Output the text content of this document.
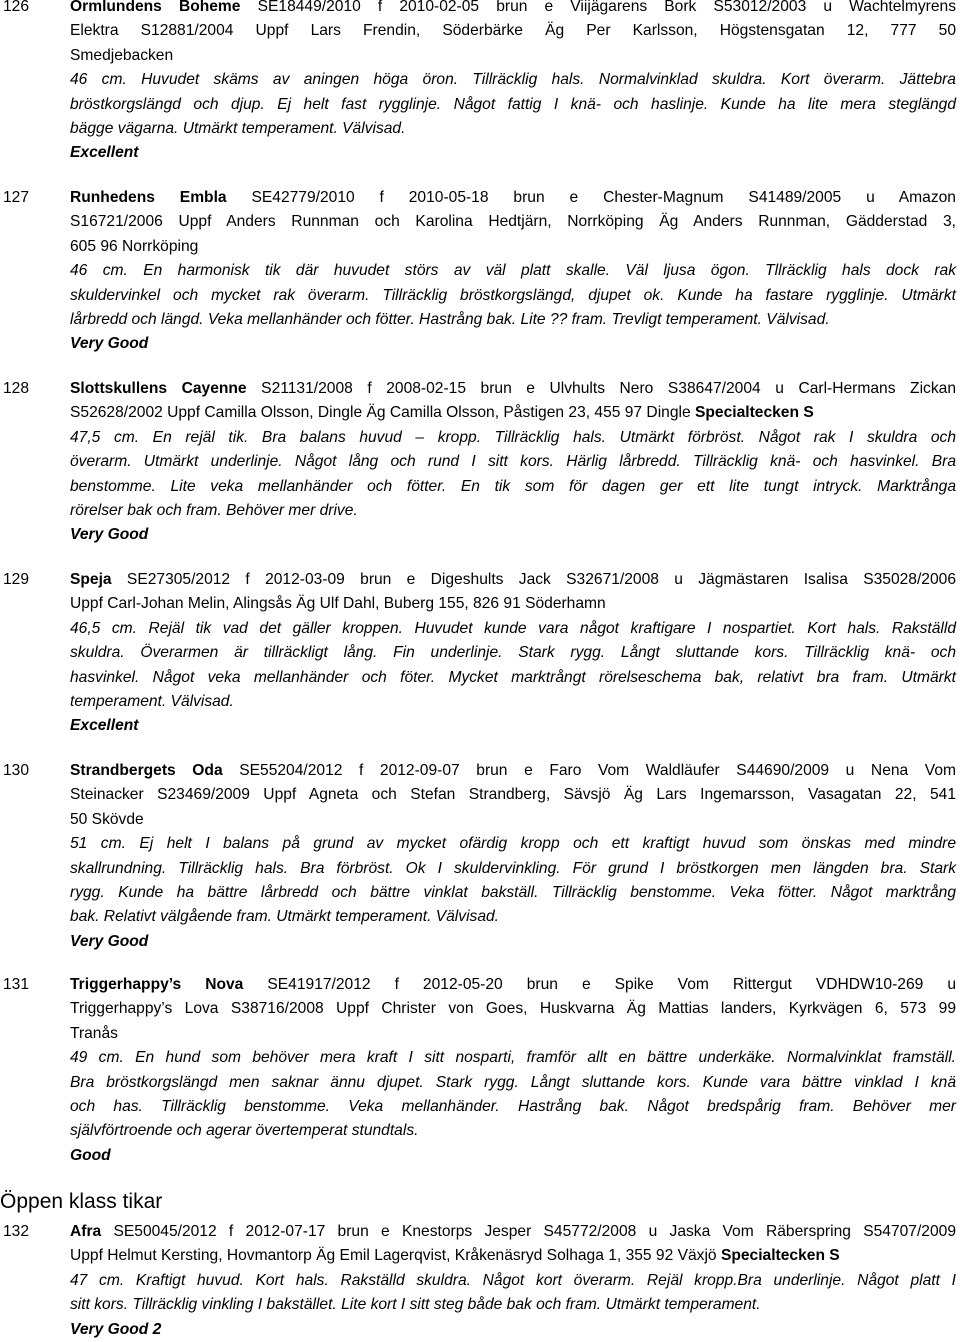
126	Ormlundens Boheme SE18449/2010 f 2010-02-05 brun e Viijägarens Bork S53012/2003 u Wachtelmyrens
Elektra S12881/2004 Uppf Lars Frendin, Söderbärke Äg Per Karlsson, Högstensgatan 12, 777 50
Smedjebacken
46 cm. Huvudet skäms av aningen höga öron. Tillräcklig hals. Normalvinklad skuldra. Kort överarm. Jättebra
bröstkorgslängd och djup. Ej helt fast rygglinje. Något fattig I knä- och haslinje. Kunde ha lite mera steglängd
bägge vägarna. Utmärkt temperament. Välvisad.
Excellent
127	Runhedens Embla SE42779/2010 f 2010-05-18 brun e Chester-Magnum S41489/2005 u Amazon
S16721/2006 Uppf Anders Runnman och Karolina Hedtjärn, Norrköping Äg Anders Runnman, Gädderstad 3,
605 96 Norrköping
46 cm. En harmonisk tik där huvudet störs av väl platt skalle. Väl ljusa ögon. Tllräcklig hals dock rak
skuldervinkel och mycket rak överarm. Tillräcklig bröstkorgslängd, djupet ok. Kunde ha fastare rygglinje. Utmärkt
lårbredd och längd. Veka mellanhänder och fötter. Hastrång bak. Lite ?? fram. Trevligt temperament. Välvisad.
Very Good
128	Slottskullens Cayenne S21131/2008 f 2008-02-15 brun e Ulvhults Nero S38647/2004 u Carl-Hermans Zickan
S52628/2002 Uppf Camilla Olsson, Dingle Äg Camilla Olsson, Påstigen 23, 455 97 Dingle Specialtecken S
47,5 cm. En rejäl tik. Bra balans huvud – kropp. Tillräcklig hals. Utmärkt förbröst. Något rak I skuldra och
överarm. Utmärkt underlinje. Något lång och rund I sitt kors. Härlig lårbredd. Tillräcklig knä- och hasvinkel. Bra
benstomme. Lite veka mellanhänder och fötter. En tik som för dagen ger ett lite tungt intryck. Marktrånga
rörelser bak och fram. Behöver mer drive.
Very Good
129	Speja SE27305/2012 f 2012-03-09 brun e Digeshults Jack S32671/2008 u Jägmästaren Isalisa S35028/2006
Uppf Carl-Johan Melin, Alingsås Äg Ulf Dahl, Buberg 155, 826 91 Söderhamn
46,5 cm. Rejäl tik vad det gäller kroppen. Huvudet kunde vara något kraftigare I nospartiet. Kort hals. Rakställd
skuldra. Överarmen är tillräckligt lång. Fin underlinje. Stark rygg. Långt sluttande kors. Tillräcklig knä- och
hasvinkel. Något veka mellanhänder och föter. Mycket marktrångt rörelseschema bak, relativt bra fram. Utmärkt
temperament. Välvisad.
Excellent
130	Strandbergets Oda SE55204/2012 f 2012-09-07 brun e Faro Vom Waldläufer S44690/2009 u Nena Vom
Steinacker S23469/2009 Uppf Agneta och Stefan Strandberg, Sävsjö Äg Lars Ingemarsson, Vasagatan 22, 541
50 Skövde
51 cm. Ej helt I balans på grund av mycket ofärdig kropp och ett kraftigt huvud som önskas med mindre
skallrundning. Tillräcklig hals. Bra förbröst. Ok I skuldervinkling. För grund I bröstkorgen men längden bra. Stark
rygg. Kunde ha bättre lårbredd och bättre vinklat bakställ. Tillräcklig benstomme. Veka fötter. Något marktrång
bak. Relativt välgående fram. Utmärkt temperament. Välvisad.
Very Good
131	Triggerhappy’s Nova SE41917/2012 f 2012-05-20 brun e Spike Vom Rittergut VDHDW10-269 u
Triggerhappy’s Lova S38716/2008 Uppf Christer von Goes, Huskvarna Äg Mattias landers, Kyrkvägen 6, 573 99
Tranås
49 cm. En hund som behöver mera kraft I sitt nosparti, framför allt en bättre underkäke. Normalvinklat framställ.
Bra bröstkorgslängd men saknar ännu djupet. Stark rygg. Långt sluttande kors. Kunde vara bättre vinklad I knä
och has. Tillräcklig benstomme. Veka mellanhänder. Hastrång bak. Något bredspårig fram. Behöver mer
självförtroende och agerar övertemperat stundtals.
Good
Öppen klass tikar
132	Afra SE50045/2012 f 2012-07-17 brun e Knestorps Jesper S45772/2008 u Jaska Vom Räberspring S54707/2009
Uppf Helmut Kersting, Hovmantorp Äg Emil Lagerqvist, Kråkenäsryd Solhaga 1, 355 92 Växjö Specialtecken S
47 cm. Kraftigt huvud. Kort hals. Rakställd skuldra. Något kort överarm. Rejäl kropp.Bra underlinje. Något platt I
sitt kors. Tillräcklig vinkling I bakstället. Lite kort I sitt steg både bak och fram. Utmärkt temperament.
Very Good 2
